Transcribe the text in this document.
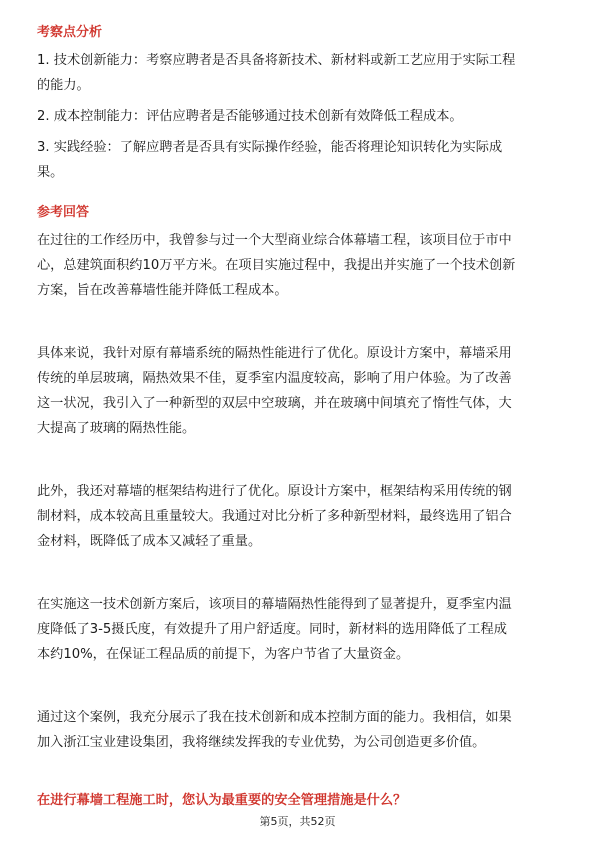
考察点分析
1. 技术创新能力：考察应聘者是否具备将新技术、新材料或新工艺应用于实际工程
的能力。
2. 成本控制能力：评估应聘者是否能够通过技术创新有效降低工程成本。
3. 实践经验：了解应聘者是否具有实际操作经验，能否将理论知识转化为实际成
果。
参考回答
在过往的工作经历中，我曾参与过一个大型商业综合体幕墙工程，该项目位于市中
心，总建筑面积约10万平方米。在项目实施过程中，我提出并实施了一个技术创新
方案，旨在改善幕墙性能并降低工程成本。
具体来说，我针对原有幕墙系统的隔热性能进行了优化。原设计方案中，幕墙采用
传统的单层玻璃，隔热效果不佳，夏季室内温度较高，影响了用户体验。为了改善
这一状况，我引入了一种新型的双层中空玻璃，并在玻璃中间填充了惰性气体，大
大提高了玻璃的隔热性能。
此外，我还对幕墙的框架结构进行了优化。原设计方案中，框架结构采用传统的钢
制材料，成本较高且重量较大。我通过对比分析了多种新型材料，最终选用了铝合
金材料，既降低了成本又减轻了重量。
在实施这一技术创新方案后，该项目的幕墙隔热性能得到了显著提升，夏季室内温
度降低了3-5摄氏度，有效提升了用户舒适度。同时，新材料的选用降低了工程成
本约10%，在保证工程品质的前提下，为客户节省了大量资金。
通过这个案例，我充分展示了我在技术创新和成本控制方面的能力。我相信，如果
加入浙江宝业建设集团，我将继续发挥我的专业优势，为公司创造更多价值。
在进行幕墙工程施工时，您认为最重要的安全管理措施是什么？
第5页，共52页
